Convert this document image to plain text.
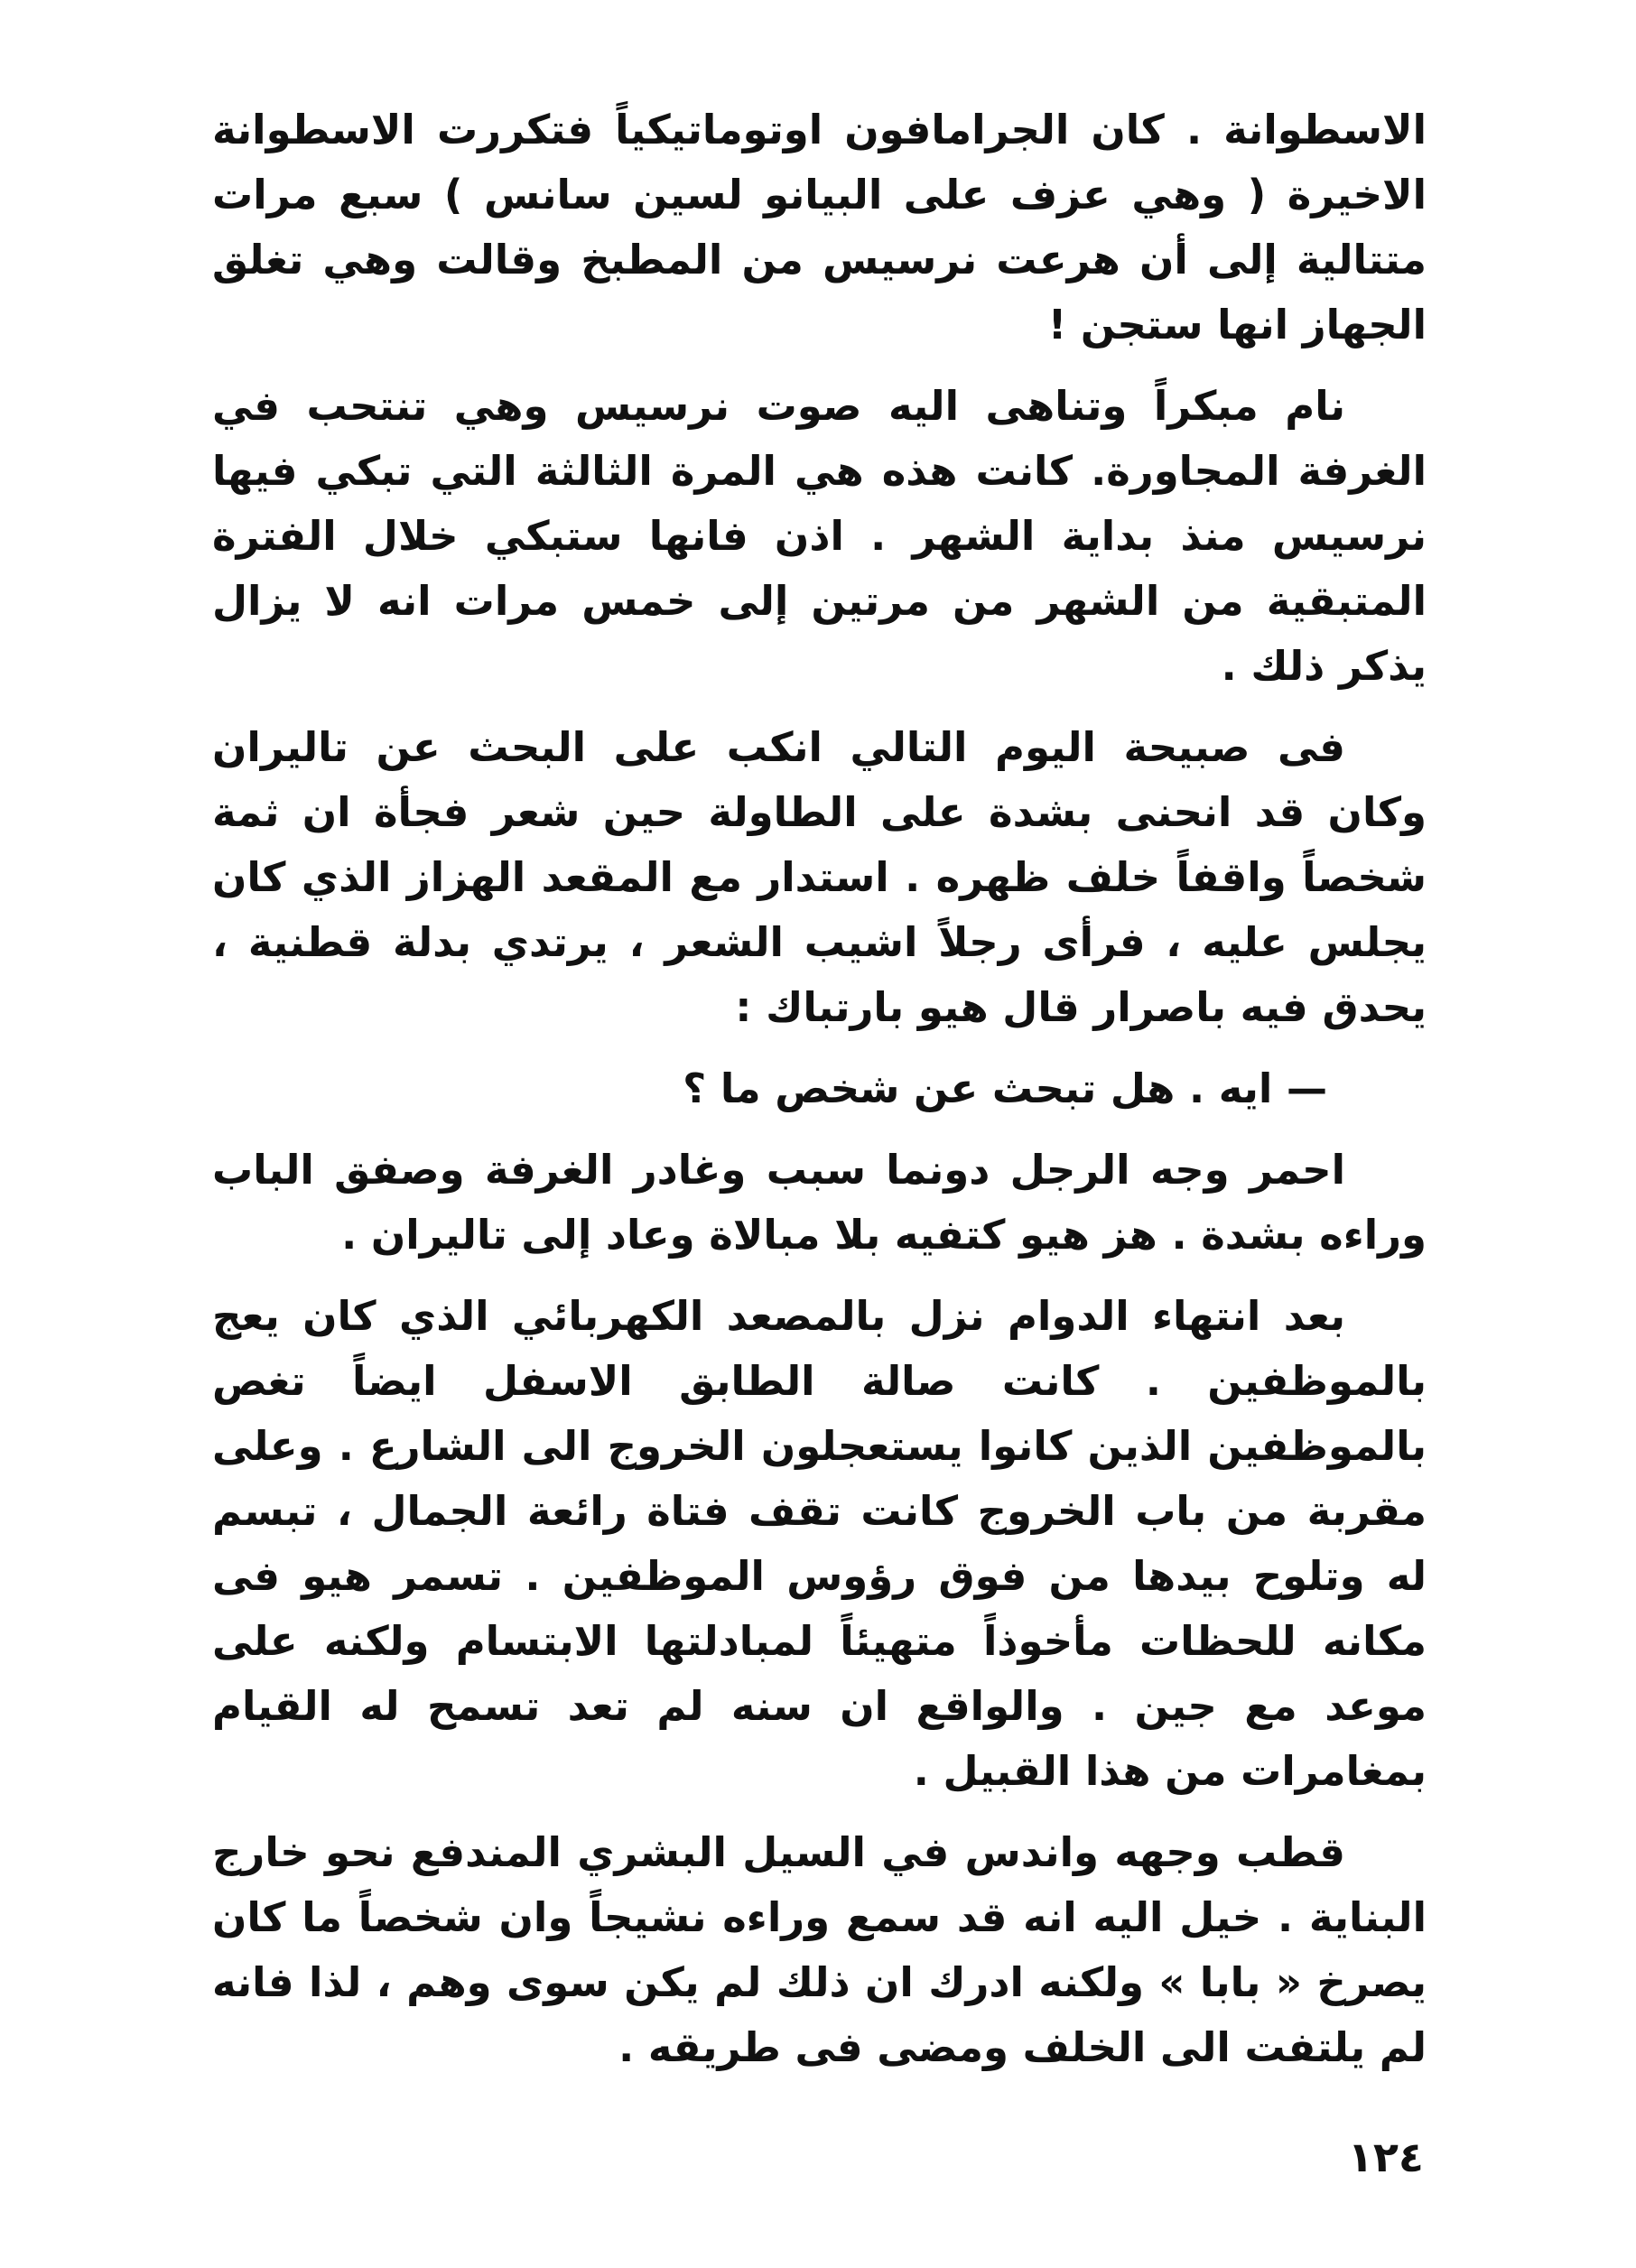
الاسطوانة . كان الجرامافون اوتوماتيكياً فتكررت الاسطوانة الاخيرة ( وهي عزف على البيانو لسين سانس ) سبع مرات متتالية إلى أن هرعت نرسيس من المطبخ وقالت وهي تغلق الجهاز انها ستجن !

نام مبكراً وتناهى اليه صوت نرسيس وهي تنتحب في الغرفة المجاورة. كانت هذه هي المرة الثالثة التي تبكي فيها نرسيس منذ بداية الشهر . اذن فانها ستبكي خلال الفترة المتبقية من الشهر من مرتين إلى خمس مرات انه لا يزال يذكر ذلك .

فى صبيحة اليوم التالي انكب على البحث عن تاليران وكان قد انحنى بشدة على الطاولة حين شعر فجأة ان ثمة شخصاً واقفاً خلف ظهره . استدار مع المقعد الهزاز الذي كان يجلس عليه ، فرأى رجلاً اشيب الشعر ، يرتدي بدلة قطنية ، يحدق فيه باصرار قال هيو بارتباك :

— ايه . هل تبحث عن شخص ما ؟

احمر وجه الرجل دونما سبب وغادر الغرفة وصفق الباب وراءه بشدة . هز هيو كتفيه بلا مبالاة وعاد إلى تاليران .

بعد انتهاء الدوام نزل بالمصعد الكهربائي الذي كان يعج بالموظفين . كانت صالة الطابق الاسفل ايضاً تغص بالموظفين الذين كانوا يستعجلون الخروج الى الشارع . وعلى مقربة من باب الخروج كانت تقف فتاة رائعة الجمال ، تبسم له وتلوح بيدها من فوق رؤوس الموظفين . تسمر هيو فى مكانه للحظات مأخوذاً متهيئاً لمبادلتها الابتسام ولكنه على موعد مع جين . والواقع ان سنه لم تعد تسمح له القيام بمغامرات من هذا القبيل .

قطب وجهه واندس في السيل البشري المندفع نحو خارج البناية . خيل اليه انه قد سمع وراءه نشيجاً وان شخصاً ما كان يصرخ « بابا » ولكنه ادرك ان ذلك لم يكن سوى وهم ، لذا فانه لم يلتفت الى الخلف ومضى فى طريقه .

١٢٤
